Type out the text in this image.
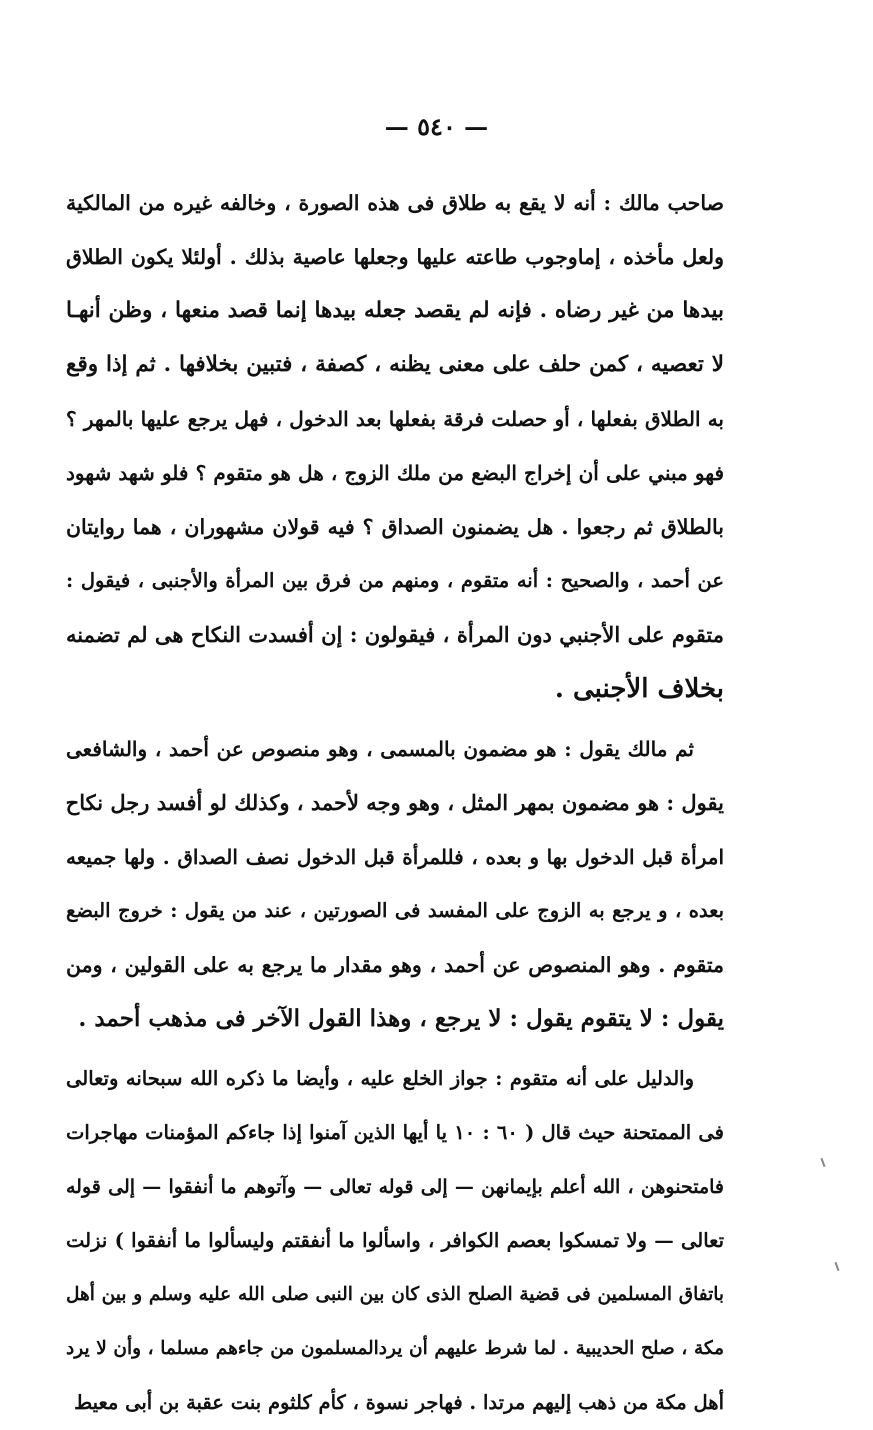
— ٥٤٠ —
صاحب مالك : أنه لا يقع به طلاق فى هذه الصورة ، وخالفه غيره من المالكية
ولعل مأخذه ، إماوجوب طاعته عليها وجعلها عاصية بذلك . أولئلا يكون الطلاق
بيدها من غير رضاه . فإنه لم يقصد جعله بيدها إنما قصد منعها ، وظن أنهـا
لا تعصيه ، كمن حلف على معنى يظنه ، كصفة ، فتبين بخلافها . ثم إذا وقع
به الطلاق بفعلها ، أو حصلت فرقة بفعلها بعد الدخول ، فهل يرجع عليها بالمهر ؟
فهو مبني على أن إخراج البضع من ملك الزوج ، هل هو متقوم ؟ فلو شهد شهود
بالطلاق ثم رجعوا . هل يضمنون الصداق ؟ فيه قولان مشهوران ، هما روايتان
عن أحمد ، والصحيح : أنه متقوم ، ومنهم من فرق بين المرأة والأجنبى ، فيقول :
متقوم على الأجنبي دون المرأة ، فيقولون : إن أفسدت النكاح هى لم تضمنه
بخلاف الأجنبى .
ثم مالك يقول : هو مضمون بالمسمى ، وهو منصوص عن أحمد ، والشافعى
يقول : هو مضمون بمهر المثل ، وهو وجه لأحمد ، وكذلك لو أفسد رجل نكاح
امرأة قبل الدخول بها و بعده ، فللمرأة قبل الدخول نصف الصداق . ولها جميعه
بعده ، و يرجع به الزوج على المفسد فى الصورتين ، عند من يقول : خروج البضع
متقوم . وهو المنصوص عن أحمد ، وهو مقدار ما يرجع به على القولين ، ومن
يقول : لا يتقوم يقول : لا يرجع ، وهذا القول الآخر فى مذهب أحمد .
والدليل على أنه متقوم : جواز الخلع عليه ، وأيضا ما ذكره الله سبحانه وتعالى
فى الممتحنة حيث قال ( ٦٠ : ١٠ يا أيها الذين آمنوا إذا جاءكم المؤمنات مهاجرات
فامتحنوهن ، الله أعلم بإيمانهن — إلى قوله تعالى — وآتوهم ما أنفقوا — إلى قوله
تعالى — ولا تمسكوا بعصم الكوافر ، واسألوا ما أنفقتم وليسألوا ما أنفقوا ) نزلت
باتفاق المسلمين فى قضية الصلح الذى كان بين النبى صلى الله عليه وسلم و بين أهل
مكة ، صلح الحديبية . لما شرط عليهم أن يردالمسلمون من جاءهم مسلما ، وأن لا يرد
أهل مكة من ذهب إليهم مرتدا . فهاجر نسوة ، كأم كلثوم بنت عقبة بن أبى معيط
